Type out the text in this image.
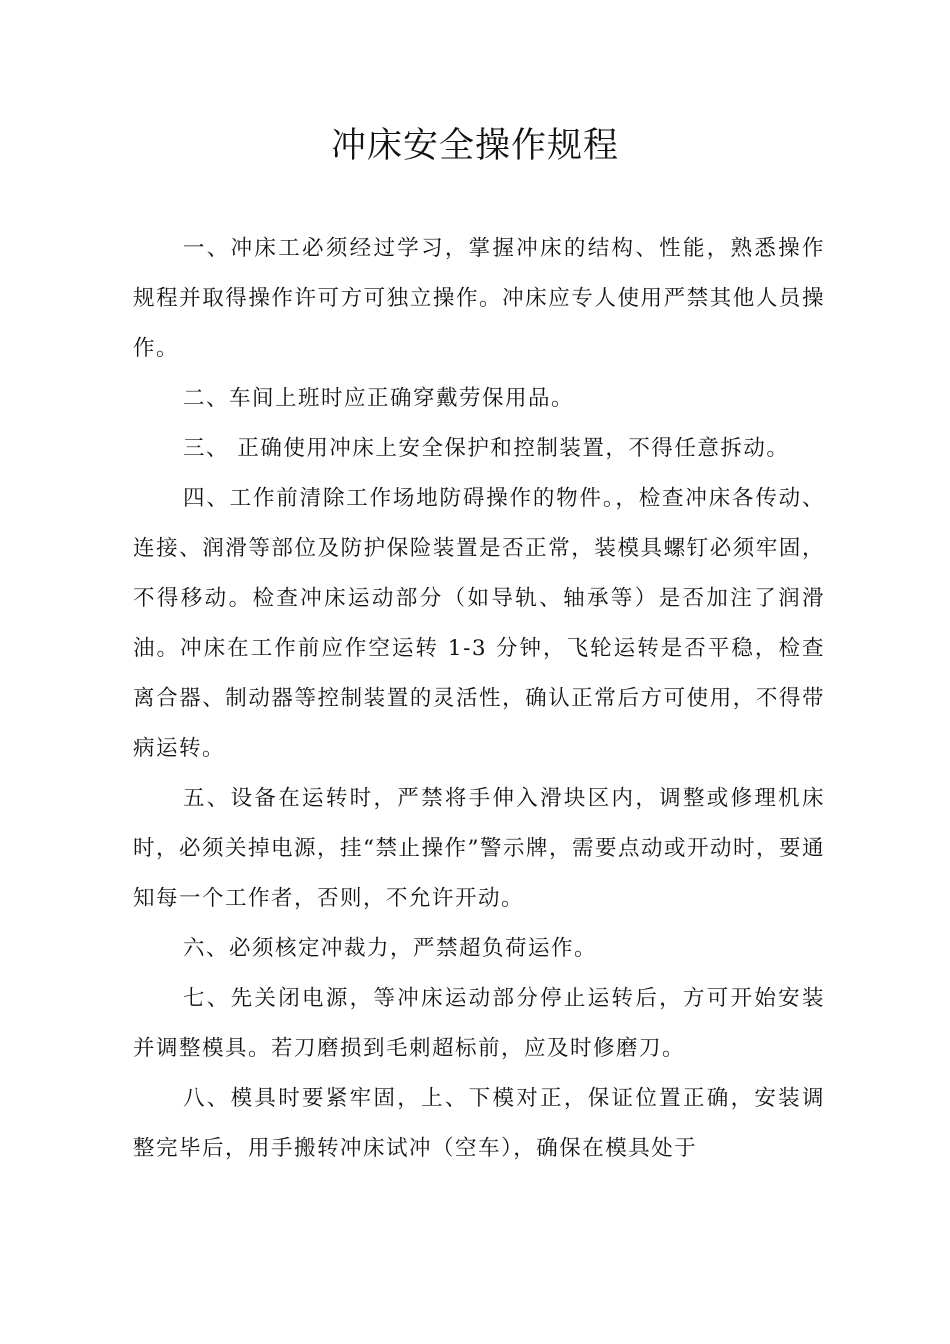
冲床安全操作规程

一、冲床工必须经过学习，掌握冲床的结构、性能，熟悉操作规程并取得操作许可方可独立操作。冲床应专人使用严禁其他人员操作。

二、车间上班时应正确穿戴劳保用品。

三、 正确使用冲床上安全保护和控制装置，不得任意拆动。

四、工作前清除工作场地防碍操作的物件。，检查冲床各传动、连接、润滑等部位及防护保险装置是否正常，装模具螺钉必须牢固，不得移动。检查冲床运动部分（如导轨、轴承等）是否加注了润滑油。冲床在工作前应作空运转 1-3 分钟，飞轮运转是否平稳，检查离合器、制动器等控制装置的灵活性，确认正常后方可使用，不得带病运转。

五、设备在运转时，严禁将手伸入滑块区内，调整或修理机床时，必须关掉电源，挂“禁止操作”警示牌，需要点动或开动时，要通知每一个工作者，否则，不允许开动。

六、必须核定冲裁力，严禁超负荷运作。

七、先关闭电源，等冲床运动部分停止运转后，方可开始安装并调整模具。若刀磨损到毛刺超标前，应及时修磨刀。

八、模具时要紧牢固，上、下模对正，保证位置正确，安装调整完毕后，用手搬转冲床试冲（空车），确保在模具处于
